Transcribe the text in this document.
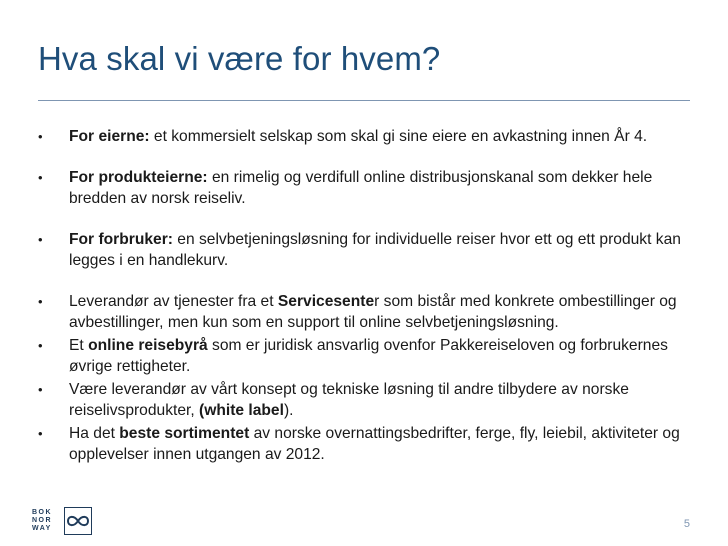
Hva skal vi være for hvem?
•	For eierne: et kommersielt selskap som skal gi sine eiere en avkastning innen År 4.
•	For produkteierne: en rimelig og verdifull online distribusjonskanal som dekker hele bredden av norsk reiseliv.
•	For forbruker: en selvbetjeningsløsning for individuelle reiser hvor ett og ett produkt kan legges i en handlekurv.
•	Leverandør av tjenester fra et Servicesenter som bistår med konkrete ombestillinger og avbestillinger, men kun som en support til online selvbetjeningsløsning.
•	Et online reisebyrå som er juridisk ansvarlig ovenfor Pakkereiseloven og forbrukernes øvrige rettigheter.
•	Være leverandør av vårt konsept og tekniske løsning til andre tilbydere av norske reiselivsprodukter, (white label).
•	Ha det beste sortimentet av norske overnattingsbedrifter, ferge, fly, leiebil, aktiviteter og opplevelser innen utgangen av 2012.
BOK
NOR
WAY	5
